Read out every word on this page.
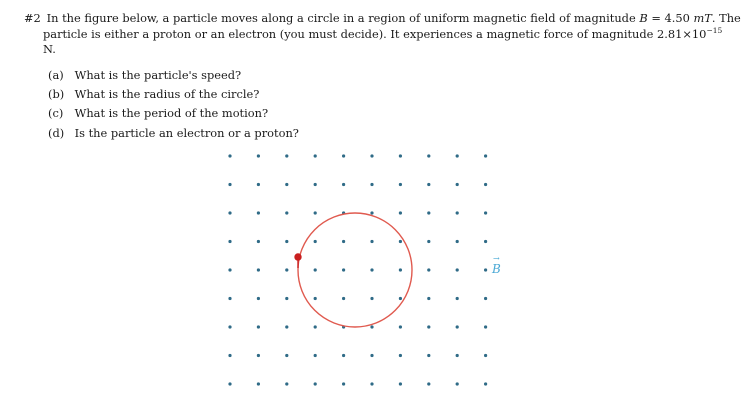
#2 In the figure below, a particle moves along a circle in a region of uniform magnetic field of magnitude B = 4.50 mT. The
particle is either a proton or an electron (you must decide). It experiences a magnetic force of magnitude $2.81\times 10^{-15}$
N.
(a) What is the particle's speed?
(b) What is the radius of the circle?
(c) What is the period of the motion?
(d) Is the particle an electron or a proton?
→
B
